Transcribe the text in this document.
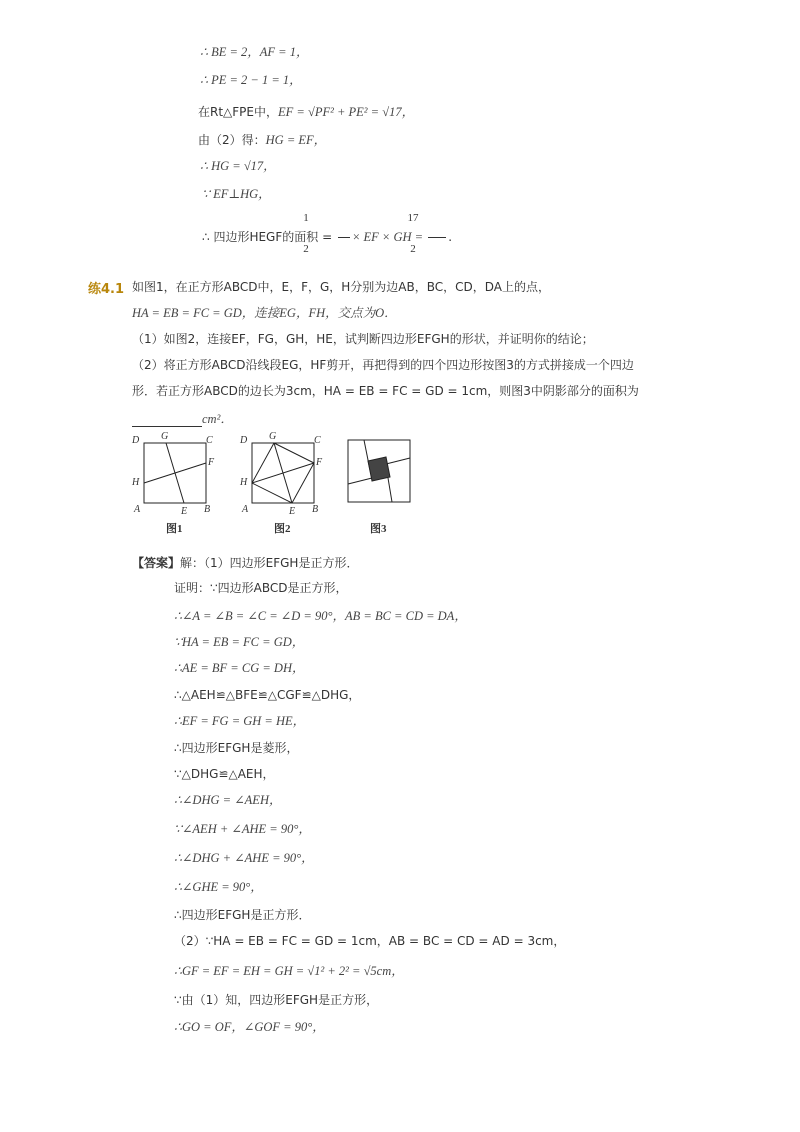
∴ BE = 2，AF = 1，
∴ PE = 2 − 1 = 1，
在Rt△FPE中，EF = √PF² + PE² = √17，
由（2）得：HG = EF，
∴ HG = √17，
∵ EF⊥HG，
1
2
17
2
∴ 四边形HEGF的面积 = × EF × GH = .
练4.1 如图1，在正方形ABCD中，E，F，G，H分别为边AB，BC，CD，DA上的点，
HA = EB = FC = GD，连接EG，FH，交点为O．
（1）如图2，连接EF，FG，GH，HE，试判断四边形EFGH的形状，并证明你的结论；
（2）将正方形ABCD沿线段EG，HF剪开，再把得到的四个四边形按图3的方式拼接成一个四边
形．若正方形ABCD的边长为3cm，HA = EB = FC = GD = 1cm，则图3中阴影部分的面积为
cm²．
D G	C
F
H
A	E B
图1
D G	C
F
H
A	E B
图2	图3
【答案】解：（1）四边形EFGH是正方形．
证明：∵四边形ABCD是正方形，
∴∠A = ∠B = ∠C = ∠D = 90°，AB = BC = CD = DA，
∵HA = EB = FC = GD，
∴AE = BF = CG = DH，
∴△AEH≌△BFE≌△CGF≌△DHG，
∴EF = FG = GH = HE，
∴四边形EFGH是菱形，
∵△DHG≌△AEH，
∴∠DHG = ∠AEH，
∵∠AEH + ∠AHE = 90°，
∴∠DHG + ∠AHE = 90°，
∴∠GHE = 90°，
∴四边形EFGH是正方形．
（2）∵HA = EB = FC = GD = 1cm，AB = BC = CD = AD = 3cm，
∴GF = EF = EH = GH = √1² + 2² = √5cm，
∵由（1）知，四边形EFGH是正方形，
∴GO = OF，∠GOF = 90°，
